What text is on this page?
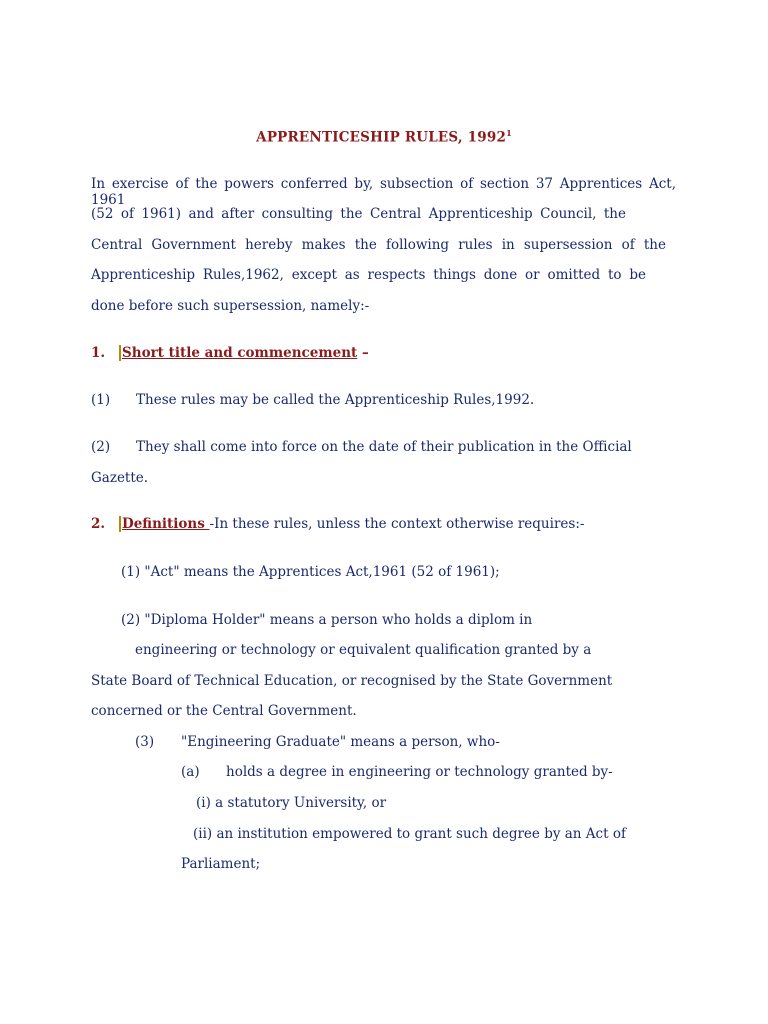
APPRENTICESHIP RULES, 1992$^1$
In exercise of the powers conferred by, subsection of section 37 Apprentices Act, 1961
(52 of 1961) and after consulting the Central Apprenticeship Council, the
Central Government hereby makes the following rules in supersession of the
Apprenticeship Rules,1962, except as respects things done or omitted to be
done before such supersession, namely:-
1. Short title and commencement –
(1) These rules may be called the Apprenticeship Rules,1992.
(2) They shall come into force on the date of their publication in the Official
Gazette.
2. Definitions -In these rules, unless the context otherwise requires:-
(1) "Act" means the Apprentices Act,1961 (52 of 1961);
(2) "Diploma Holder" means a person who holds a diplom in
engineering or technology or equivalent qualification granted by a
State Board of Technical Education, or recognised by the State Government
concerned or the Central Government.
(3) "Engineering Graduate" means a person, who-
(a) holds a degree in engineering or technology granted by-
(i) a statutory University, or
(ii) an institution empowered to grant such degree by an Act of
Parliament;
